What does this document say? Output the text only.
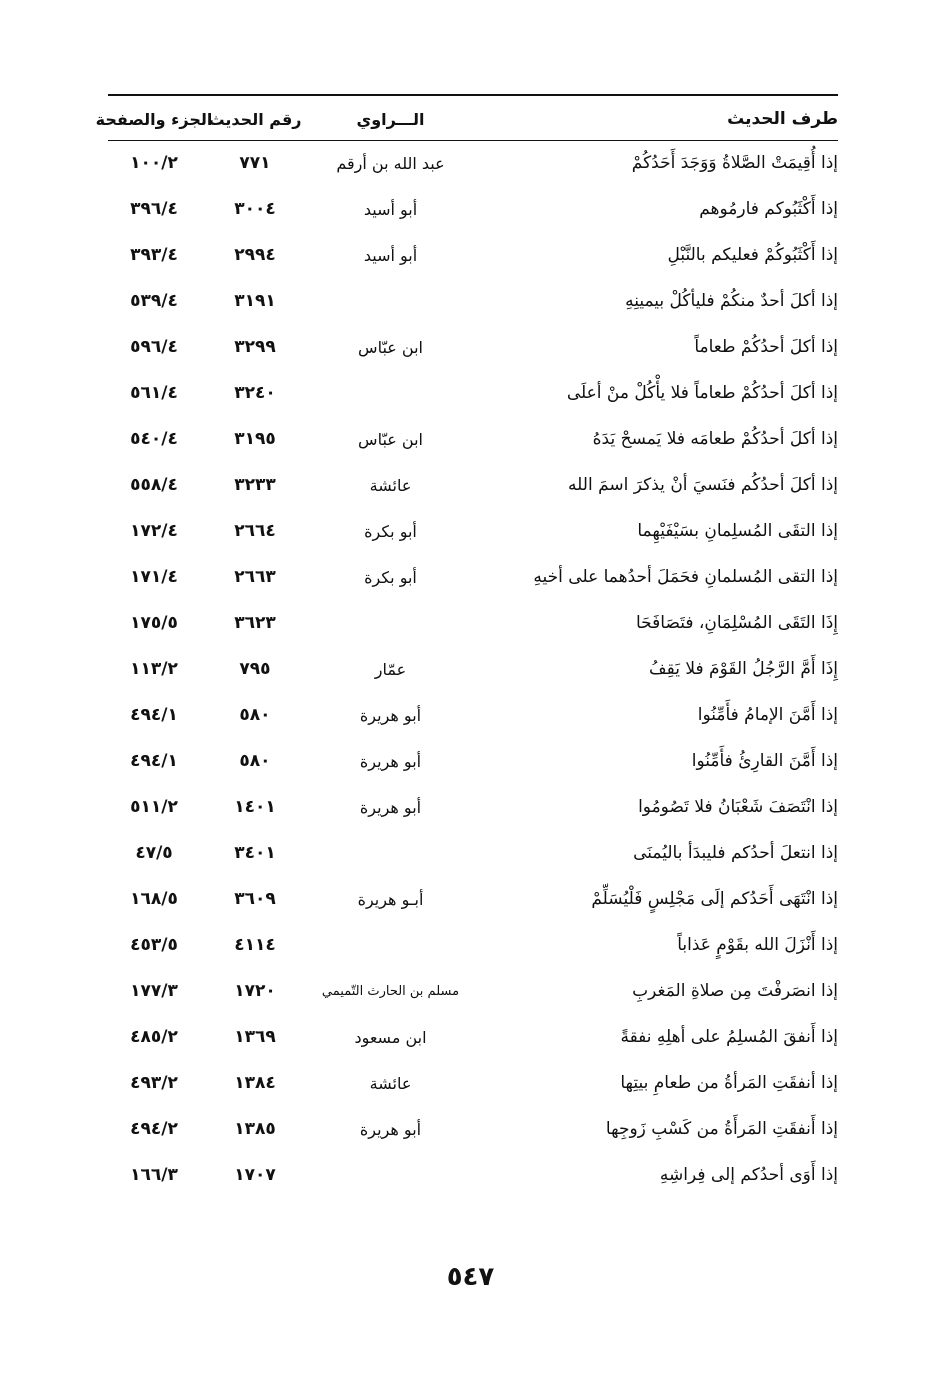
طرف الحديث
الـــراوي
رقم الحديث
الجزء والصفحة
إذا أُقِيمَتْ الصَّلاةُ وَوَجَدَ أَحَدُكُمْ
عبد الله بن أرقم
٧٧١
١٠٠/٢
إذا أَكْثَبُوكم فارمُوهم
أبو أسيد
٣٠٠٤
٣٩٦/٤
إذا أَكْثَبُوكُمْ فعليكم بالنَّبْلِ
أبو أسيد
٢٩٩٤
٣٩٣/٤
إذا أكلَ أحدٌ منكُمْ فليأكُلْ بيمينِهِ
٣١٩١
٥٣٩/٤
إذا أكلَ أحدُكُمْ طعاماً
ابن عبّاس
٣٢٩٩
٥٩٦/٤
إذا أكلَ أحدُكُمْ طعاماً فلا يأْكُلْ منْ أعلَى
٣٢٤٠
٥٦١/٤
إذا أكلَ أحدُكُمْ طعامَه فلا يَمسحْ يَدَهُ
ابن عبّاس
٣١٩٥
٥٤٠/٤
إذا أكلَ أحدُكُم فنَسيَ أنْ يذكرَ اسمَ الله
عائشة
٣٢٣٣
٥٥٨/٤
إذا التقَى المُسلِمانِ بسَيْفَيْهِما
أبو بكرة
٢٦٦٤
١٧٢/٤
إذا التقى المُسلمانِ فحَمَلَ أحدُهما على أخيهِ
أبو بكرة
٢٦٦٣
١٧١/٤
إِذَا التَقَى المُسْلِمَانِ، فتَصَافَحَا
٣٦٢٣
١٧٥/٥
إِذَا أَمَّ الرَّجُلُ القَوْمَ فلا يَقِفُ
عمّار
٧٩٥
١١٣/٢
إذا أَمَّنَ الإمامُ فأَمِّنُوا
أبو هريرة
٥٨٠
٤٩٤/١
إذا أَمَّنَ القارِئُ فأَمِّنُوا
أبو هريرة
٥٨٠
٤٩٤/١
إذا انْتَصَفَ شَعْبَانُ فلا تَصُومُوا
أبو هريرة
١٤٠١
٥١١/٢
إذا انتعلَ أحدُكم فليبدَأ باليُمنَى
٣٤٠١
٤٧/٥
إذا انْتَهَى أَحَدُكم إلَى مَجْلِسٍ فَلْيُسَلِّمْ
أبـو هريرة
٣٦٠٩
١٦٨/٥
إذا أَنْزَلَ الله بقَوْمٍ عَذاباً
٤١١٤
٤٥٣/٥
إذا انصَرفْتَ مِن صلاةِ المَغربِ
مسلم بن الحارث التّميمي
١٧٢٠
١٧٧/٣
إذا أَنفقَ المُسلِمُ على أهلِهِ نفقةً
ابن مسعود
١٣٦٩
٤٨٥/٢
إذا أنفقَتِ المَرأةُ من طعامِ بيتِها
عائشة
١٣٨٤
٤٩٣/٢
إذا أَنفقَتِ المَرأَةُ من كَسْبِ زَوجِها
أبو هريرة
١٣٨٥
٤٩٤/٢
إذا أَوَى أحدُكم إلى فِراشِهِ
١٧٠٧
١٦٦/٣
٥٤٧
